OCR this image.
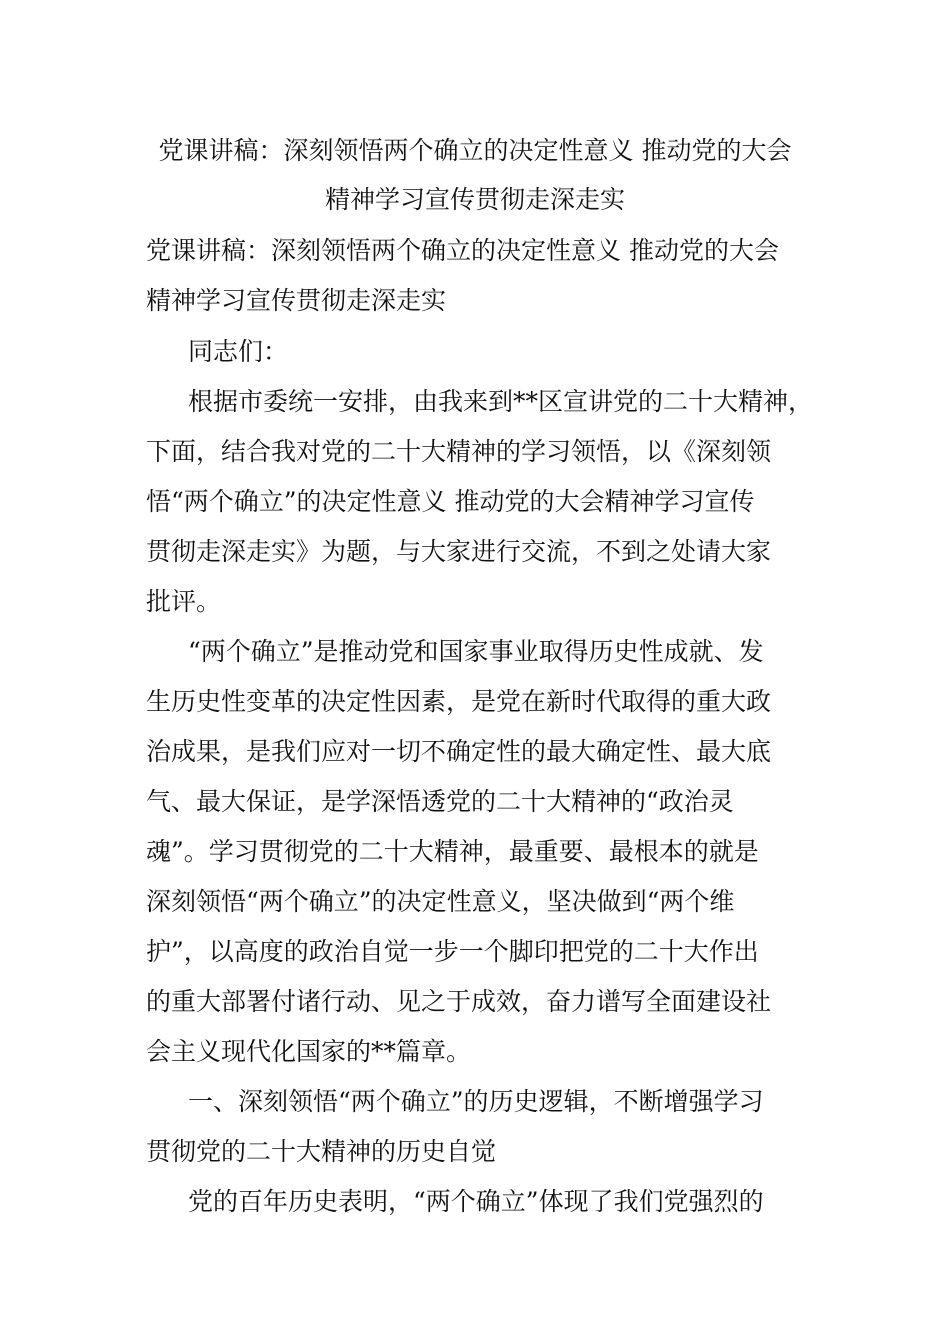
党课讲稿：深刻领悟两个确立的决定性意义 推动党的大会
精神学习宣传贯彻走深走实
党课讲稿：深刻领悟两个确立的决定性意义 推动党的大会
精神学习宣传贯彻走深走实
同志们：
根据市委统一安排，由我来到**区宣讲党的二十大精神，
下面，结合我对党的二十大精神的学习领悟，以《深刻领
悟“两个确立”的决定性意义 推动党的大会精神学习宣传
贯彻走深走实》为题，与大家进行交流，不到之处请大家
批评。
“两个确立”是推动党和国家事业取得历史性成就、发
生历史性变革的决定性因素，是党在新时代取得的重大政
治成果，是我们应对一切不确定性的最大确定性、最大底
气、最大保证，是学深悟透党的二十大精神的“政治灵
魂”。学习贯彻党的二十大精神，最重要、最根本的就是
深刻领悟“两个确立”的决定性意义，坚决做到“两个维
护”，以高度的政治自觉一步一个脚印把党的二十大作出
的重大部署付诸行动、见之于成效，奋力谱写全面建设社
会主义现代化国家的**篇章。
一、深刻领悟“两个确立”的历史逻辑，不断增强学习
贯彻党的二十大精神的历史自觉
党的百年历史表明，“两个确立”体现了我们党强烈的
